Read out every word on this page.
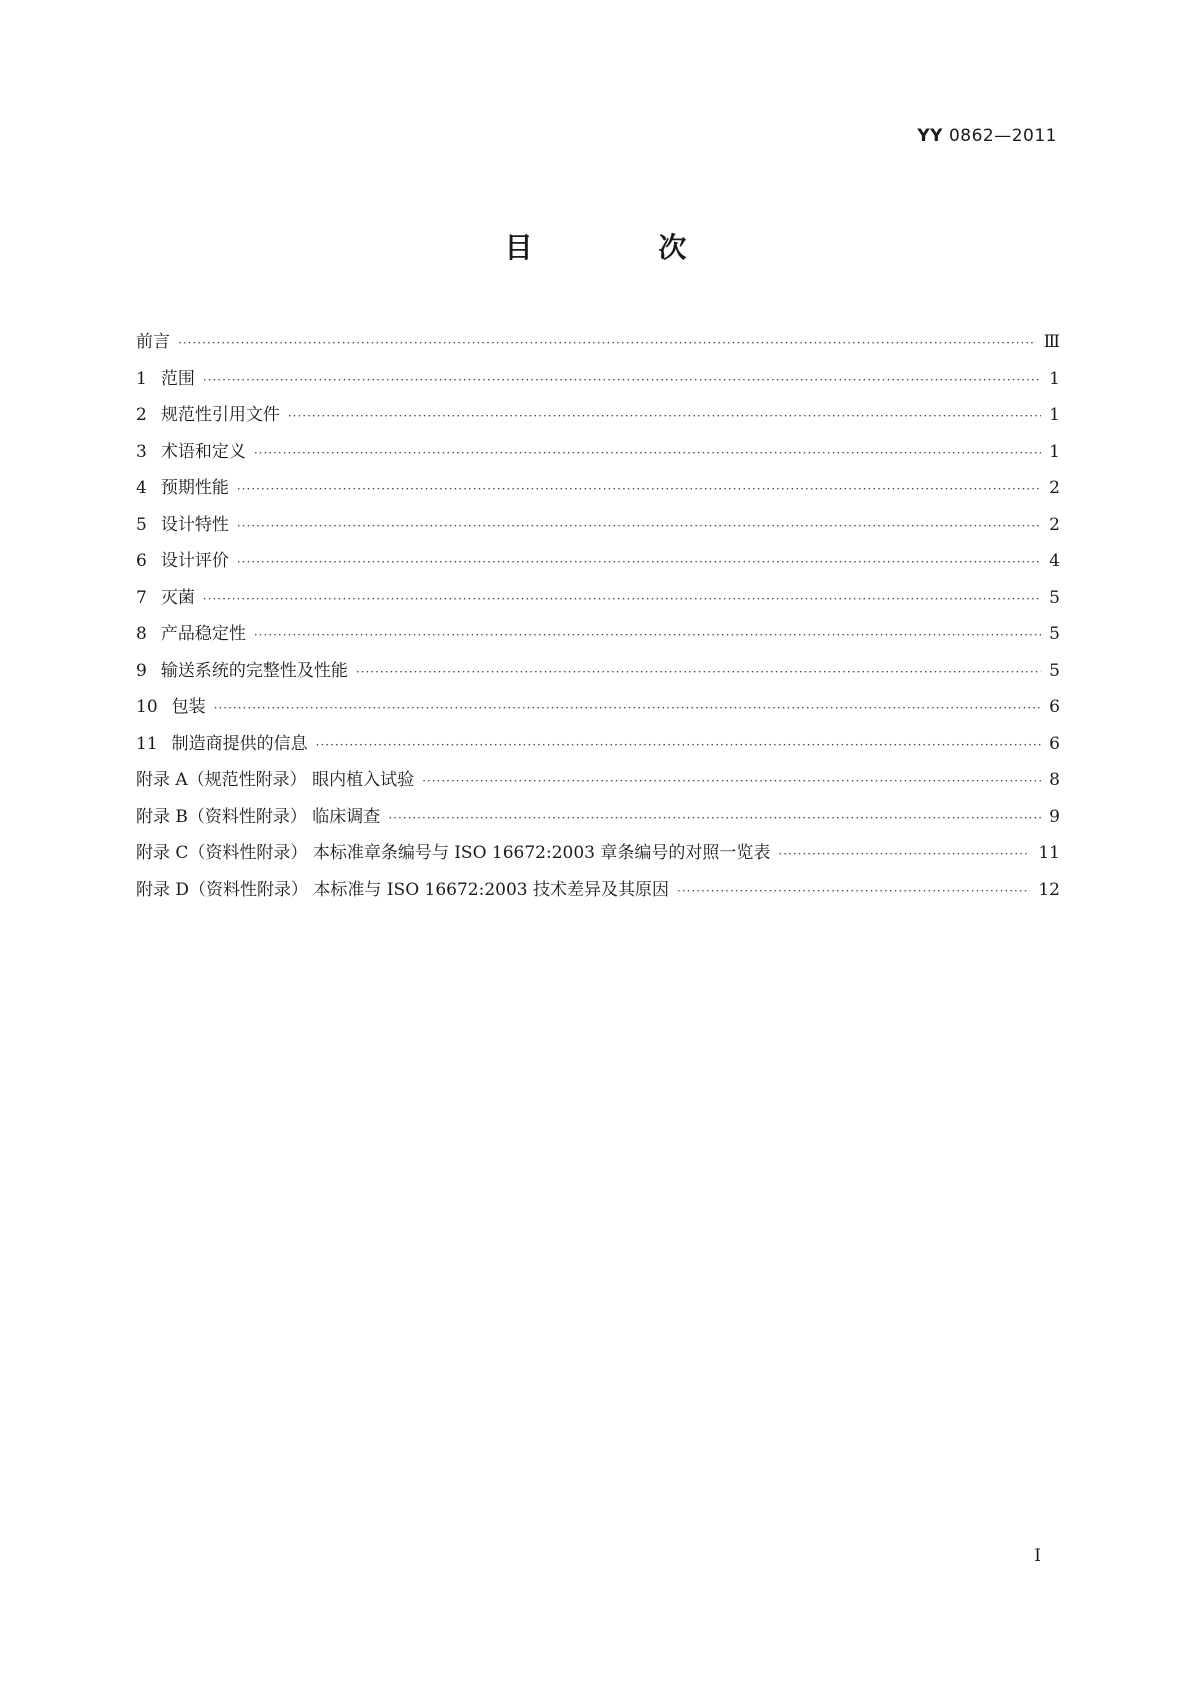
YY 0862—2011
目 次
前言 ·····	Ⅲ
1 范围 ·····	1
2 规范性引用文件 ·····	1
3 术语和定义 ·····	1
4 预期性能 ·····	2
5 设计特性 ·····	2
6 设计评价 ·····	4
7 灭菌 ·····	5
8 产品稳定性 ·····	5
9 输送系统的完整性及性能 ·····	5
10 包装 ·····	6
11 制造商提供的信息 ·····	6
附录 A（规范性附录） 眼内植入试验 ·····	8
附录 B（资料性附录） 临床调查 ·····	9
附录 C（资料性附录） 本标准章条编号与 ISO 16672:2003 章条编号的对照一览表 ·····	11
附录 D（资料性附录） 本标准与 ISO 16672:2003 技术差异及其原因 ·····	12
I
